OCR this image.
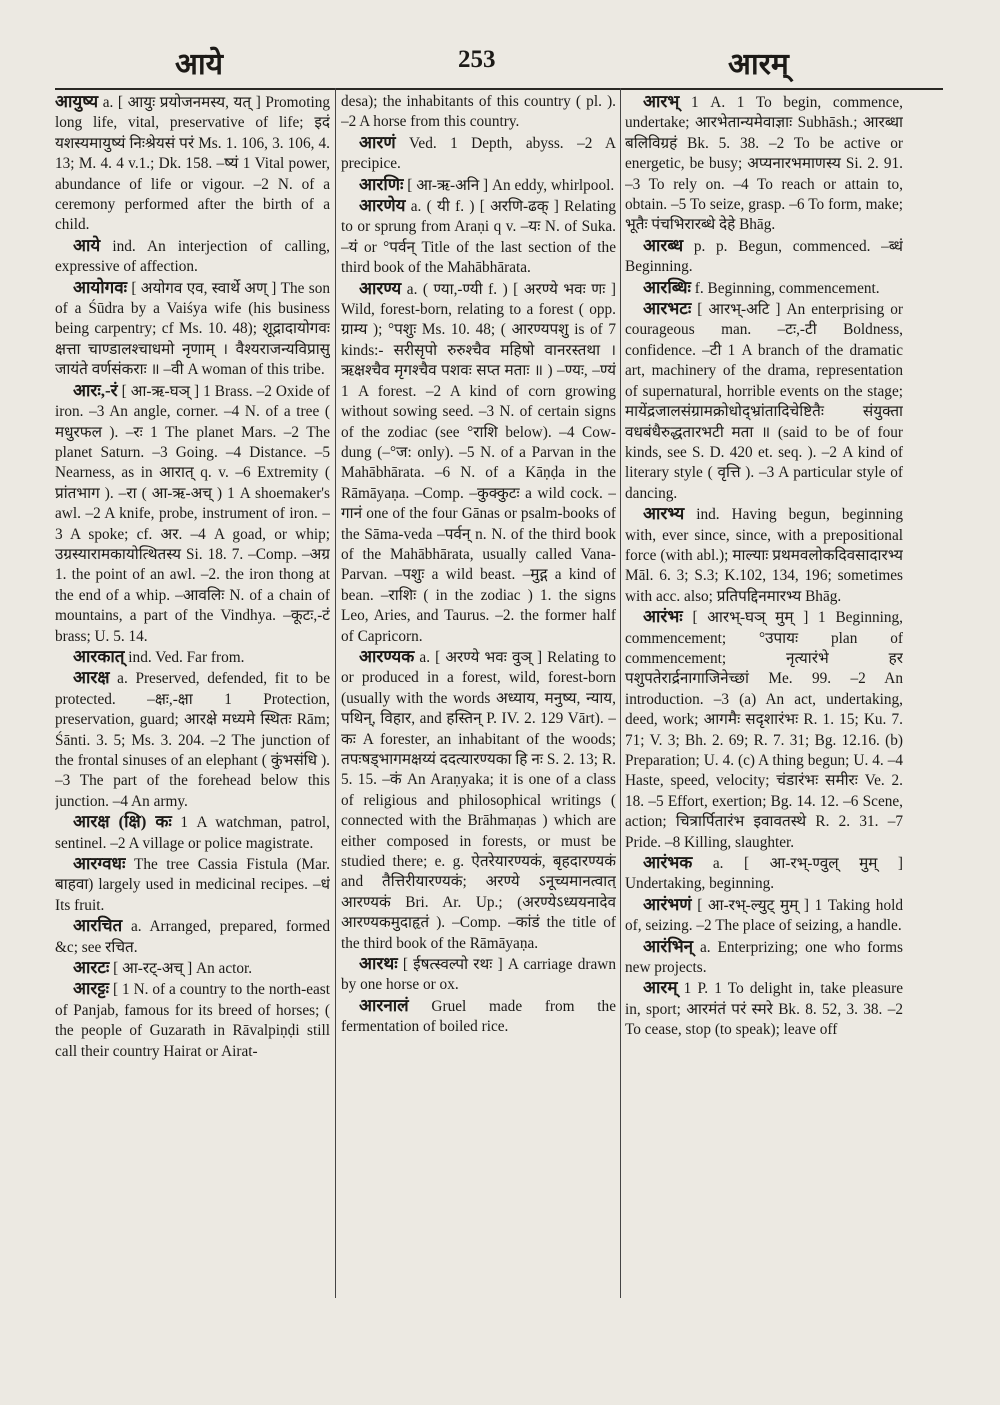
आये	253	आरम्

आयुष्य a. [ आयुः प्रयोजनमस्य, यत् ] Promoting long life, vital, preservative of life; इदं यशस्यमायुष्यं निःश्रेयसं परं Ms. 1. 106, 3. 106, 4. 13; M. 4. 4 v.1.; Dk. 158. –ष्यं 1 Vital power, abundance of life or vigour. –2 N. of a ceremony performed after the birth of a child.

आये ind. An interjection of calling, expressive of affection.

आयोगवः [ अयोगव एव, स्वार्थे अण् ] The son of a Śūdra by a Vaiśya wife (his business being carpentry; cf Ms. 10. 48); शूद्रादायोगवः क्षत्ता चाण्डालश्चाधमो नृणाम् । वैश्यराजन्यविप्रासु जायंते वर्णसंकराः ॥ –वी A woman of this tribe.

आरः,-रं [ आ-ऋ-घञ् ] 1 Brass. –2 Oxide of iron. –3 An angle, corner. –4 N. of a tree ( मधुरफल ). –रः 1 The planet Mars. –2 The planet Saturn. –3 Going. –4 Distance. –5 Nearness, as in आरात् q. v. –6 Extremity ( प्रांतभाग ). –रा ( आ-ऋ-अच् ) 1 A shoemaker's awl. –2 A knife, probe, instrument of iron. –3 A spoke; cf. अर. –4 A goad, or whip; उग्रस्यारामकायोत्थितस्य Si. 18. 7. –Comp. –अग्र 1. the point of an awl. –2. the iron thong at the end of a whip. –आवलिः N. of a chain of mountains, a part of the Vindhya. –कूटः,-टं brass; U. 5. 14.

आरकात् ind. Ved. Far from.

आरक्ष a. Preserved, defended, fit to be protected. –क्षः,-क्षा 1 Protection, preservation, guard; आरक्षे मध्यमे स्थितः Rām; Śānti. 3. 5; Ms. 3. 204. –2 The junction of the frontal sinuses of an elephant ( कुंभसंधि ). –3 The part of the forehead below this junction. –4 An army.

आरक्ष (क्षि) कः 1 A watchman, patrol, sentinel. –2 A village or police magistrate.

आरग्वधः The tree Cassia Fistula (Mar. बाहवा) largely used in medicinal recipes. –धं Its fruit.

आरचित a. Arranged, prepared, formed &c; see रचित.

आरटः [ आ-रट्-अच् ] An actor.

आरट्टः [ 1 N. of a country to the north-east of Panjab, famous for its breed of horses; ( the people of Guzarath in Rāvalpiṇḍi still call their country Hairat or Airat-

desa); the inhabitants of this country ( pl. ). –2 A horse from this country.

आरणं Ved. 1 Depth, abyss. –2 A precipice.

आरणिः [ आ-ऋ-अनि ] An eddy, whirlpool.

आरणेय a. ( यी f. ) [ अरणि-ढक् ] Relating to or sprung from Araṇi q v. –यः N. of Suka. –यं or °पर्वन् Title of the last section of the third book of the Mahābhārata.

आरण्य a. ( ण्या,-ण्यी f. ) [ अरण्ये भवः णः ] Wild, forest-born, relating to a forest ( opp. ग्राम्य ); °पशुः Ms. 10. 48; ( आरण्यपशु is of 7 kinds:- सरीसृपो रुरुश्चैव महिषो वानरस्तथा । ऋक्षश्चैव मृगश्चैव पशवः सप्त मताः ॥ ) –ण्यः, –ण्यं 1 A forest. –2 A kind of corn growing without sowing seed. –3 N. of certain signs of the zodiac (see °राशि below). –4 Cow-dung (–°ज: only). –5 N. of a Parvan in the Mahābhārata. –6 N. of a Kāṇḍa in the Rāmāyaṇa. –Comp. –कुक्कुटः a wild cock. –गानं one of the four Gānas or psalm-books of the Sāma-veda –पर्वन् n. N. of the third book of the Mahābhārata, usually called Vana-Parvan. –पशुः a wild beast. –मुद्ग a kind of bean. –राशिः ( in the zodiac ) 1. the signs Leo, Aries, and Taurus. –2. the former half of Capricorn.

आरण्यक a. [ अरण्ये भवः वुञ् ] Relating to or produced in a forest, wild, forest-born (usually with the words अध्याय, मनुष्य, न्याय, पथिन्, विहार, and हस्तिन् P. IV. 2. 129 Vārt). –कः A forester, an inhabitant of the woods; तपःषड्भागमक्षय्यं ददत्यारण्यका हि नः S. 2. 13; R. 5. 15. –कं An Araṇyaka; it is one of a class of religious and philosophical writings ( connected with the Brāhmaṇas ) which are either composed in forests, or must be studied there; e. g. ऐतरेयारण्यकं, बृहदारण्यकं and तैत्तिरीयारण्यकं; अरण्ये ऽनूच्यमानत्वात् आरण्यकं Bri. Ar. Up.; (अरण्येऽध्ययनादेव आरण्यकमुदाहृतं ). –Comp. –कांडं the title of the third book of the Rāmāyaṇa.

आरथः [ ईषत्स्वल्पो रथः ] A carriage drawn by one horse or ox.

आरनालं Gruel made from the fermentation of boiled rice.

आरभ् 1 A. 1 To begin, commence, undertake; आरभेतान्यमेवाज्ञाः Subhāsh.; आरब्धा बलिविग्रहं Bk. 5. 38. –2 To be active or energetic, be busy; अप्यनारभमाणस्य Si. 2. 91. –3 To rely on. –4 To reach or attain to, obtain. –5 To seize, grasp. –6 To form, make; भूतैः पंचभिरारब्धे देहे Bhāg.

आरब्ध p. p. Begun, commenced. –ब्धं Beginning.

आरब्धिः f. Beginning, commencement.

आरभटः [ आरभ्-अटि ] An enterprising or courageous man. –टः,-टी Boldness, confidence. –टी 1 A branch of the dramatic art, machinery of the drama, representation of supernatural, horrible events on the stage; मायेंद्रजालसंग्रामक्रोधोद्भ्रांतादिचेष्टितैः संयुक्ता वधबंधैरुद्धतारभटी मता ॥ (said to be of four kinds, see S. D. 420 et. seq. ). –2 A kind of literary style ( वृत्ति ). –3 A particular style of dancing.

आरभ्य ind. Having begun, beginning with, ever since, since, with a prepositional force (with abl.); माल्याः प्रथमवलोकदिवसादारभ्य Māl. 6. 3; S.3; K.102, 134, 196; sometimes with acc. also; प्रतिपद्दिनमारभ्य Bhāg.

आरंभः [ आरभ्-घञ् मुम् ] 1 Beginning, commencement; °उपायः plan of commencement; नृत्यारंभे हर पशुपतेरार्द्रनागाजिनेच्छां Me. 99. –2 An introduction. –3 (a) An act, undertaking, deed, work; आगमैः सदृशारंभः R. 1. 15; Ku. 7. 71; V. 3; Bh. 2. 69; R. 7. 31; Bg. 12.16. (b) Preparation; U. 4. (c) A thing begun; U. 4. –4 Haste, speed, velocity; चंडारंभः समीरः Ve. 2. 18. –5 Effort, exertion; Bg. 14. 12. –6 Scene, action; चित्रार्पितारंभ इवावतस्थे R. 2. 31. –7 Pride. –8 Killing, slaughter.

आरंभक a. [ आ-रभ्-ण्वुल् मुम् ] Undertaking, beginning.

आरंभणं [ आ-रभ्-ल्युट् मुम् ] 1 Taking hold of, seizing. –2 The place of seizing, a handle.

आरंभिन् a. Enterprizing; one who forms new projects.

आरम् 1 P. 1 To delight in, take pleasure in, sport; आरमंतं परं स्मरे Bk. 8. 52, 3. 38. –2 To cease, stop (to speak); leave off
